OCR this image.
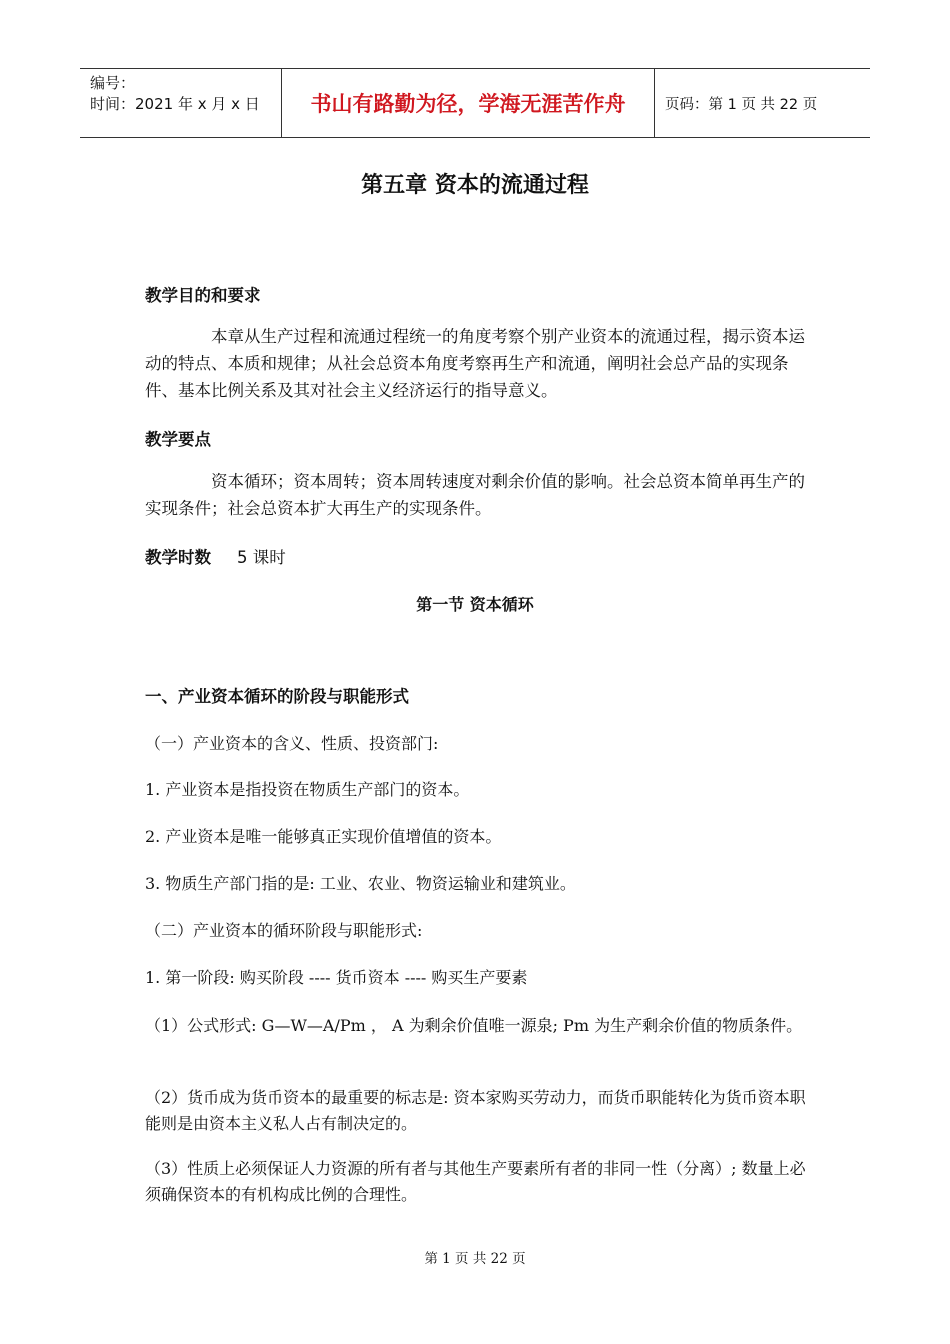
编号：
时间：2021 年 x 月 x 日	书山有路勤为径，学海无涯苦作舟	页码：第 1 页 共 22 页
第五章 资本的流通过程
教学目的和要求
本章从生产过程和流通过程统一的角度考察个别产业资本的流通过程，揭示资本运动的特点、本质和规律；从社会总资本角度考察再生产和流通，阐明社会总产品的实现条件、基本比例关系及其对社会主义经济运行的指导意义。
教学要点
资本循环；资本周转；资本周转速度对剩余价值的影响。社会总资本简单再生产的实现条件；社会总资本扩大再生产的实现条件。
教学时数 5 课时
第一节 资本循环
一、产业资本循环的阶段与职能形式
（一）产业资本的含义、性质、投资部门:
1. 产业资本是指投资在物质生产部门的资本。
2. 产业资本是唯一能够真正实现价值增值的资本。
3. 物质生产部门指的是: 工业、农业、物资运输业和建筑业。
（二）产业资本的循环阶段与职能形式:
1. 第一阶段: 购买阶段 ---- 货币资本 ---- 购买生产要素
（1）公式形式: G—W—A/Pm ， A 为剩余价值唯一源泉; Pm 为生产剩余价值的物质条件。
（2）货币成为货币资本的最重要的标志是: 资本家购买劳动力，而货币职能转化为货币资本职能则是由资本主义私人占有制决定的。
（3）性质上必须保证人力资源的所有者与其他生产要素所有者的非同一性（分离）; 数量上必须确保资本的有机构成比例的合理性。
第 1 页 共 22 页
